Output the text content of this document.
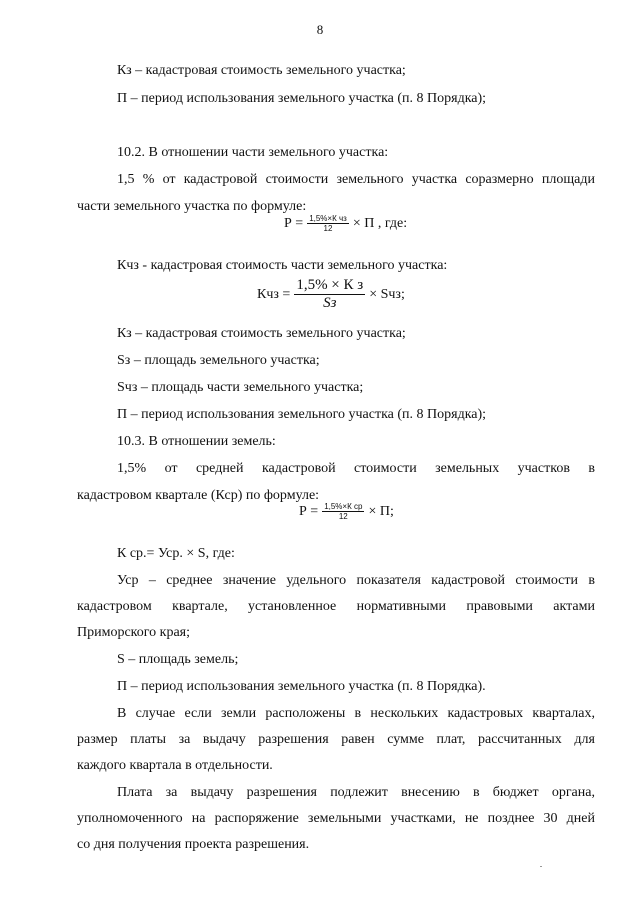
8
Кз – кадастровая стоимость земельного участка;
П – период использования земельного участка (п. 8 Порядка);
10.2. В отношении части земельного участка:
1,5 % от кадастровой стоимости земельного участка соразмерно площади
части земельного участка по формуле:
$Р = \frac{\text{1,5\%×К чз}}{12} \times П$ , где:
Кчз - кадастровая стоимость части земельного участка:
Кчз = $\frac{\text{1,5\% × К з}}{Sз}$ × Sчз;
Кз – кадастровая стоимость земельного участка;
Sз – площадь земельного участка;
Sчз – площадь части земельного участка;
П – период использования земельного участка (п. 8 Порядка);
10.3. В отношении земель:
1,5% от средней кадастровой стоимости земельных участков в
кадастровом квартале (Кср) по формуле:
$Р = \frac{\text{1,5\%×К ср}}{12} \times П$;
К ср.= Уср. × S, где:
Уср – среднее значение удельного показателя кадастровой стоимости в
кадастровом квартале, установленное нормативными правовыми актами
Приморского края;
S – площадь земель;
П – период использования земельного участка (п. 8 Порядка).
В случае если земли расположены в нескольких кадастровых кварталах,
размер платы за выдачу разрешения равен сумме плат, рассчитанных для
каждого квартала в отдельности.
Плата за выдачу разрешения подлежит внесению в бюджет органа,
уполномоченного на распоряжение земельными участками, не позднее 30 дней
со дня получения проекта разрешения.
